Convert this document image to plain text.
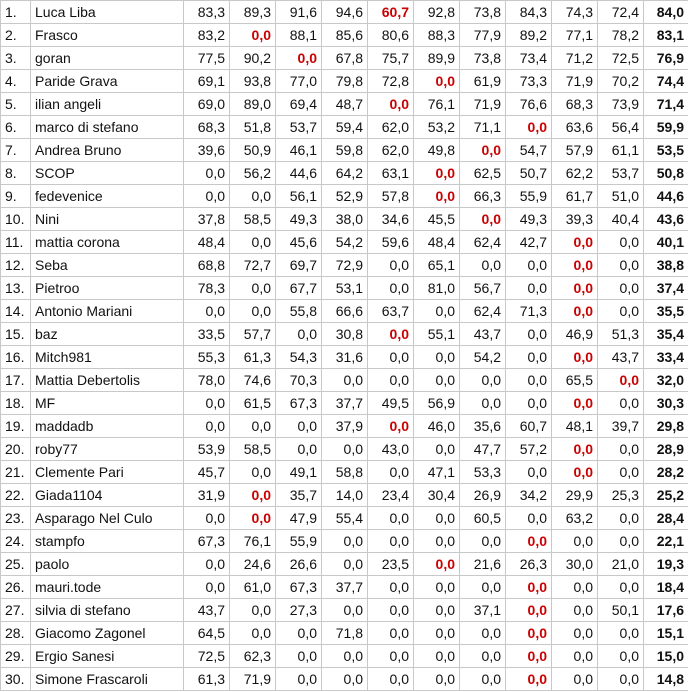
1.	Luca Liba	83,3	89,3	91,6	94,6	60,7	92,8	73,8	84,3	74,3	72,4	84,0
2.	Frasco	83,2	0,0	88,1	85,6	80,6	88,3	77,9	89,2	77,1	78,2	83,1
3.	goran	77,5	90,2	0,0	67,8	75,7	89,9	73,8	73,4	71,2	72,5	76,9
4.	Paride Grava	69,1	93,8	77,0	79,8	72,8	0,0	61,9	73,3	71,9	70,2	74,4
5.	ilian angeli	69,0	89,0	69,4	48,7	0,0	76,1	71,9	76,6	68,3	73,9	71,4
6.	marco di stefano	68,3	51,8	53,7	59,4	62,0	53,2	71,1	0,0	63,6	56,4	59,9
7.	Andrea Bruno	39,6	50,9	46,1	59,8	62,0	49,8	0,0	54,7	57,9	61,1	53,5
8.	SCOP	0,0	56,2	44,6	64,2	63,1	0,0	62,5	50,7	62,2	53,7	50,8
9.	fedevenice	0,0	0,0	56,1	52,9	57,8	0,0	66,3	55,9	61,7	51,0	44,6
10.	Nini	37,8	58,5	49,3	38,0	34,6	45,5	0,0	49,3	39,3	40,4	43,6
11.	mattia corona	48,4	0,0	45,6	54,2	59,6	48,4	62,4	42,7	0,0	0,0	40,1
12.	Seba	68,8	72,7	69,7	72,9	0,0	65,1	0,0	0,0	0,0	0,0	38,8
13.	Pietroo	78,3	0,0	67,7	53,1	0,0	81,0	56,7	0,0	0,0	0,0	37,4
14.	Antonio Mariani	0,0	0,0	55,8	66,6	63,7	0,0	62,4	71,3	0,0	0,0	35,5
15.	baz	33,5	57,7	0,0	30,8	0,0	55,1	43,7	0,0	46,9	51,3	35,4
16.	Mitch981	55,3	61,3	54,3	31,6	0,0	0,0	54,2	0,0	0,0	43,7	33,4
17.	Mattia Debertolis	78,0	74,6	70,3	0,0	0,0	0,0	0,0	0,0	65,5	0,0	32,0
18.	MF	0,0	61,5	67,3	37,7	49,5	56,9	0,0	0,0	0,0	0,0	30,3
19.	maddadb	0,0	0,0	0,0	37,9	0,0	46,0	35,6	60,7	48,1	39,7	29,8
20.	roby77	53,9	58,5	0,0	0,0	43,0	0,0	47,7	57,2	0,0	0,0	28,9
21.	Clemente Pari	45,7	0,0	49,1	58,8	0,0	47,1	53,3	0,0	0,0	0,0	28,2
22.	Giada1104	31,9	0,0	35,7	14,0	23,4	30,4	26,9	34,2	29,9	25,3	25,2
23.	Asparago Nel Culo	0,0	0,0	47,9	55,4	0,0	0,0	60,5	0,0	63,2	0,0	28,4
24.	stampfo	67,3	76,1	55,9	0,0	0,0	0,0	0,0	0,0	0,0	0,0	22,1
25.	paolo	0,0	24,6	26,6	0,0	23,5	0,0	21,6	26,3	30,0	21,0	19,3
26.	mauri.tode	0,0	61,0	67,3	37,7	0,0	0,0	0,0	0,0	0,0	0,0	18,4
27.	silvia di stefano	43,7	0,0	27,3	0,0	0,0	0,0	37,1	0,0	0,0	50,1	17,6
28.	Giacomo Zagonel	64,5	0,0	0,0	71,8	0,0	0,0	0,0	0,0	0,0	0,0	15,1
29.	Ergio Sanesi	72,5	62,3	0,0	0,0	0,0	0,0	0,0	0,0	0,0	0,0	15,0
30.	Simone Frascaroli	61,3	71,9	0,0	0,0	0,0	0,0	0,0	0,0	0,0	0,0	14,8
